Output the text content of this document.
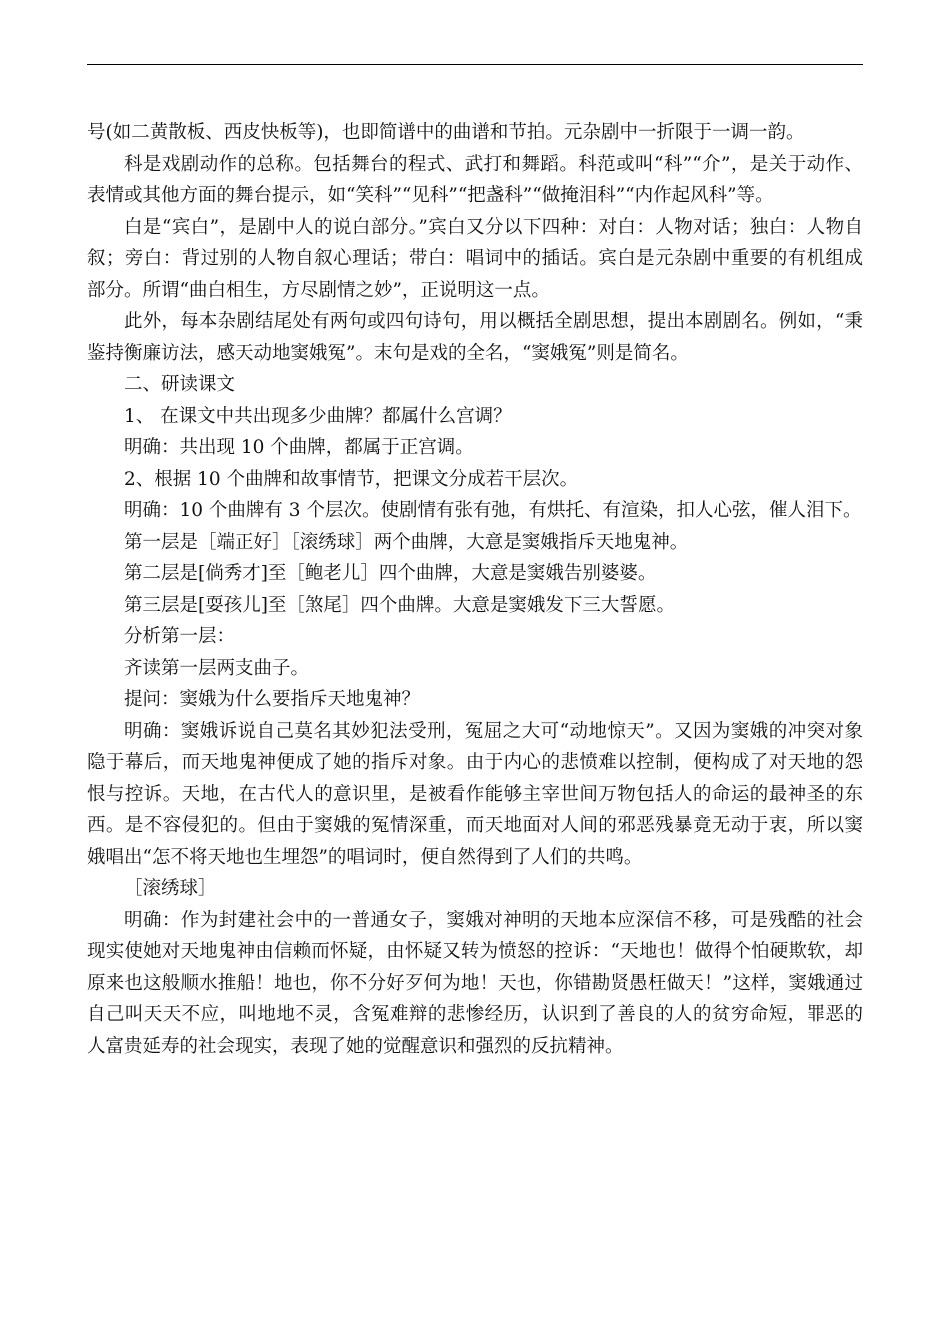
号(如二黄散板、西皮快板等)，也即简谱中的曲谱和节拍。元杂剧中一折限于一调一韵。

科是戏剧动作的总称。包括舞台的程式、武打和舞蹈。科范或叫“科”“介”，是关于动作、表情或其他方面的舞台提示，如“笑科”“见科”“把盏科”“做掩泪科”“内作起风科”等。

白是“宾白”，是剧中人的说白部分。”宾白又分以下四种：对白：人物对话；独白：人物自叙；旁白：背过别的人物自叙心理话；带白：唱词中的插话。宾白是元杂剧中重要的有机组成部分。所谓“曲白相生，方尽剧情之妙”，正说明这一点。

此外，每本杂剧结尾处有两句或四句诗句，用以概括全剧思想，提出本剧剧名。例如，“秉鉴持衡廉访法，感天动地窦娥冤”。末句是戏的全名，“窦娥冤”则是简名。

二、研读课文

1、 在课文中共出现多少曲牌？都属什么宫调？

明确：共出现 10 个曲牌，都属于正宫调。

2、根据 10 个曲牌和故事情节，把课文分成若干层次。

明确：10 个曲牌有 3 个层次。使剧情有张有弛，有烘托、有渲染，扣人心弦，催人泪下。

第一层是［端正好］［滚绣球］两个曲牌，大意是窦娥指斥天地鬼神。

第二层是[倘秀才]至［鲍老儿］四个曲牌，大意是窦娥告别婆婆。

第三层是[耍孩儿]至［煞尾］四个曲牌。大意是窦娥发下三大誓愿。

分析第一层：

齐读第一层两支曲子。

提问：窦娥为什么要指斥天地鬼神？

明确：窦娥诉说自己莫名其妙犯法受刑，冤屈之大可“动地惊天”。又因为窦娥的冲突对象隐于幕后，而天地鬼神便成了她的指斥对象。由于内心的悲愤难以控制，便构成了对天地的怨恨与控诉。天地，在古代人的意识里，是被看作能够主宰世间万物包括人的命运的最神圣的东西。是不容侵犯的。但由于窦娥的冤情深重，而天地面对人间的邪恶残暴竟无动于衷，所以窦娥唱出“怎不将天地也生埋怨”的唱词时，便自然得到了人们的共鸣。

［滚绣球］

明确：作为封建社会中的一普通女子，窦娥对神明的天地本应深信不移，可是残酷的社会现实使她对天地鬼神由信赖而怀疑，由怀疑又转为愤怒的控诉：“天地也！做得个怕硬欺软，却原来也这般顺水推船！地也，你不分好歹何为地！天也，你错勘贤愚枉做天！”这样，窦娥通过自己叫天天不应，叫地地不灵，含冤难辩的悲惨经历，认识到了善良的人的贫穷命短，罪恶的人富贵延寿的社会现实，表现了她的觉醒意识和强烈的反抗精神。
